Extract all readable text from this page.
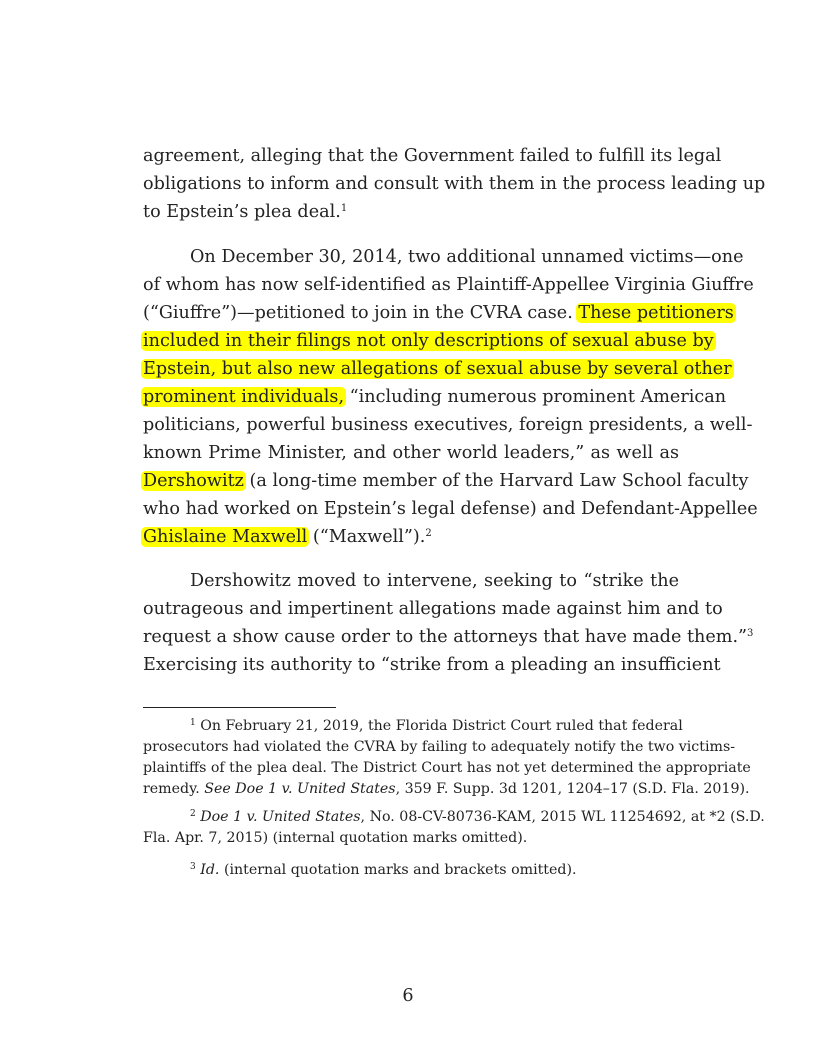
agreement, alleging that the Government failed to fulfill its legal
obligations to inform and consult with them in the process leading up
to Epstein’s plea deal.$^1$
On December 30, 2014, two additional unnamed victims—one
of whom has now self-identified as Plaintiff-Appellee Virginia Giuffre
(“Giuffre”)—petitioned to join in the CVRA case. These petitioners
included in their filings not only descriptions of sexual abuse by
Epstein, but also new allegations of sexual abuse by several other
prominent individuals, “including numerous prominent American
politicians, powerful business executives, foreign presidents, a well-
known Prime Minister, and other world leaders,” as well as
Dershowitz (a long-time member of the Harvard Law School faculty
who had worked on Epstein’s legal defense) and Defendant-Appellee
Ghislaine Maxwell (“Maxwell”).$^2$
Dershowitz moved to intervene, seeking to “strike the
outrageous and impertinent allegations made against him and to
request a show cause order to the attorneys that have made them.”$^3$
Exercising its authority to “strike from a pleading an insufficient
$^1$ On February 21, 2019, the Florida District Court ruled that federal
prosecutors had violated the CVRA by failing to adequately notify the two victims-
plaintiffs of the plea deal. The District Court has not yet determined the appropriate
remedy. See Doe 1 v. United States, 359 F. Supp. 3d 1201, 1204–17 (S.D. Fla. 2019).
$^2$ Doe 1 v. United States, No. 08-CV-80736-KAM, 2015 WL 11254692, at *2 (S.D.
Fla. Apr. 7, 2015) (internal quotation marks omitted).
$^3$ Id. (internal quotation marks and brackets omitted).
6
